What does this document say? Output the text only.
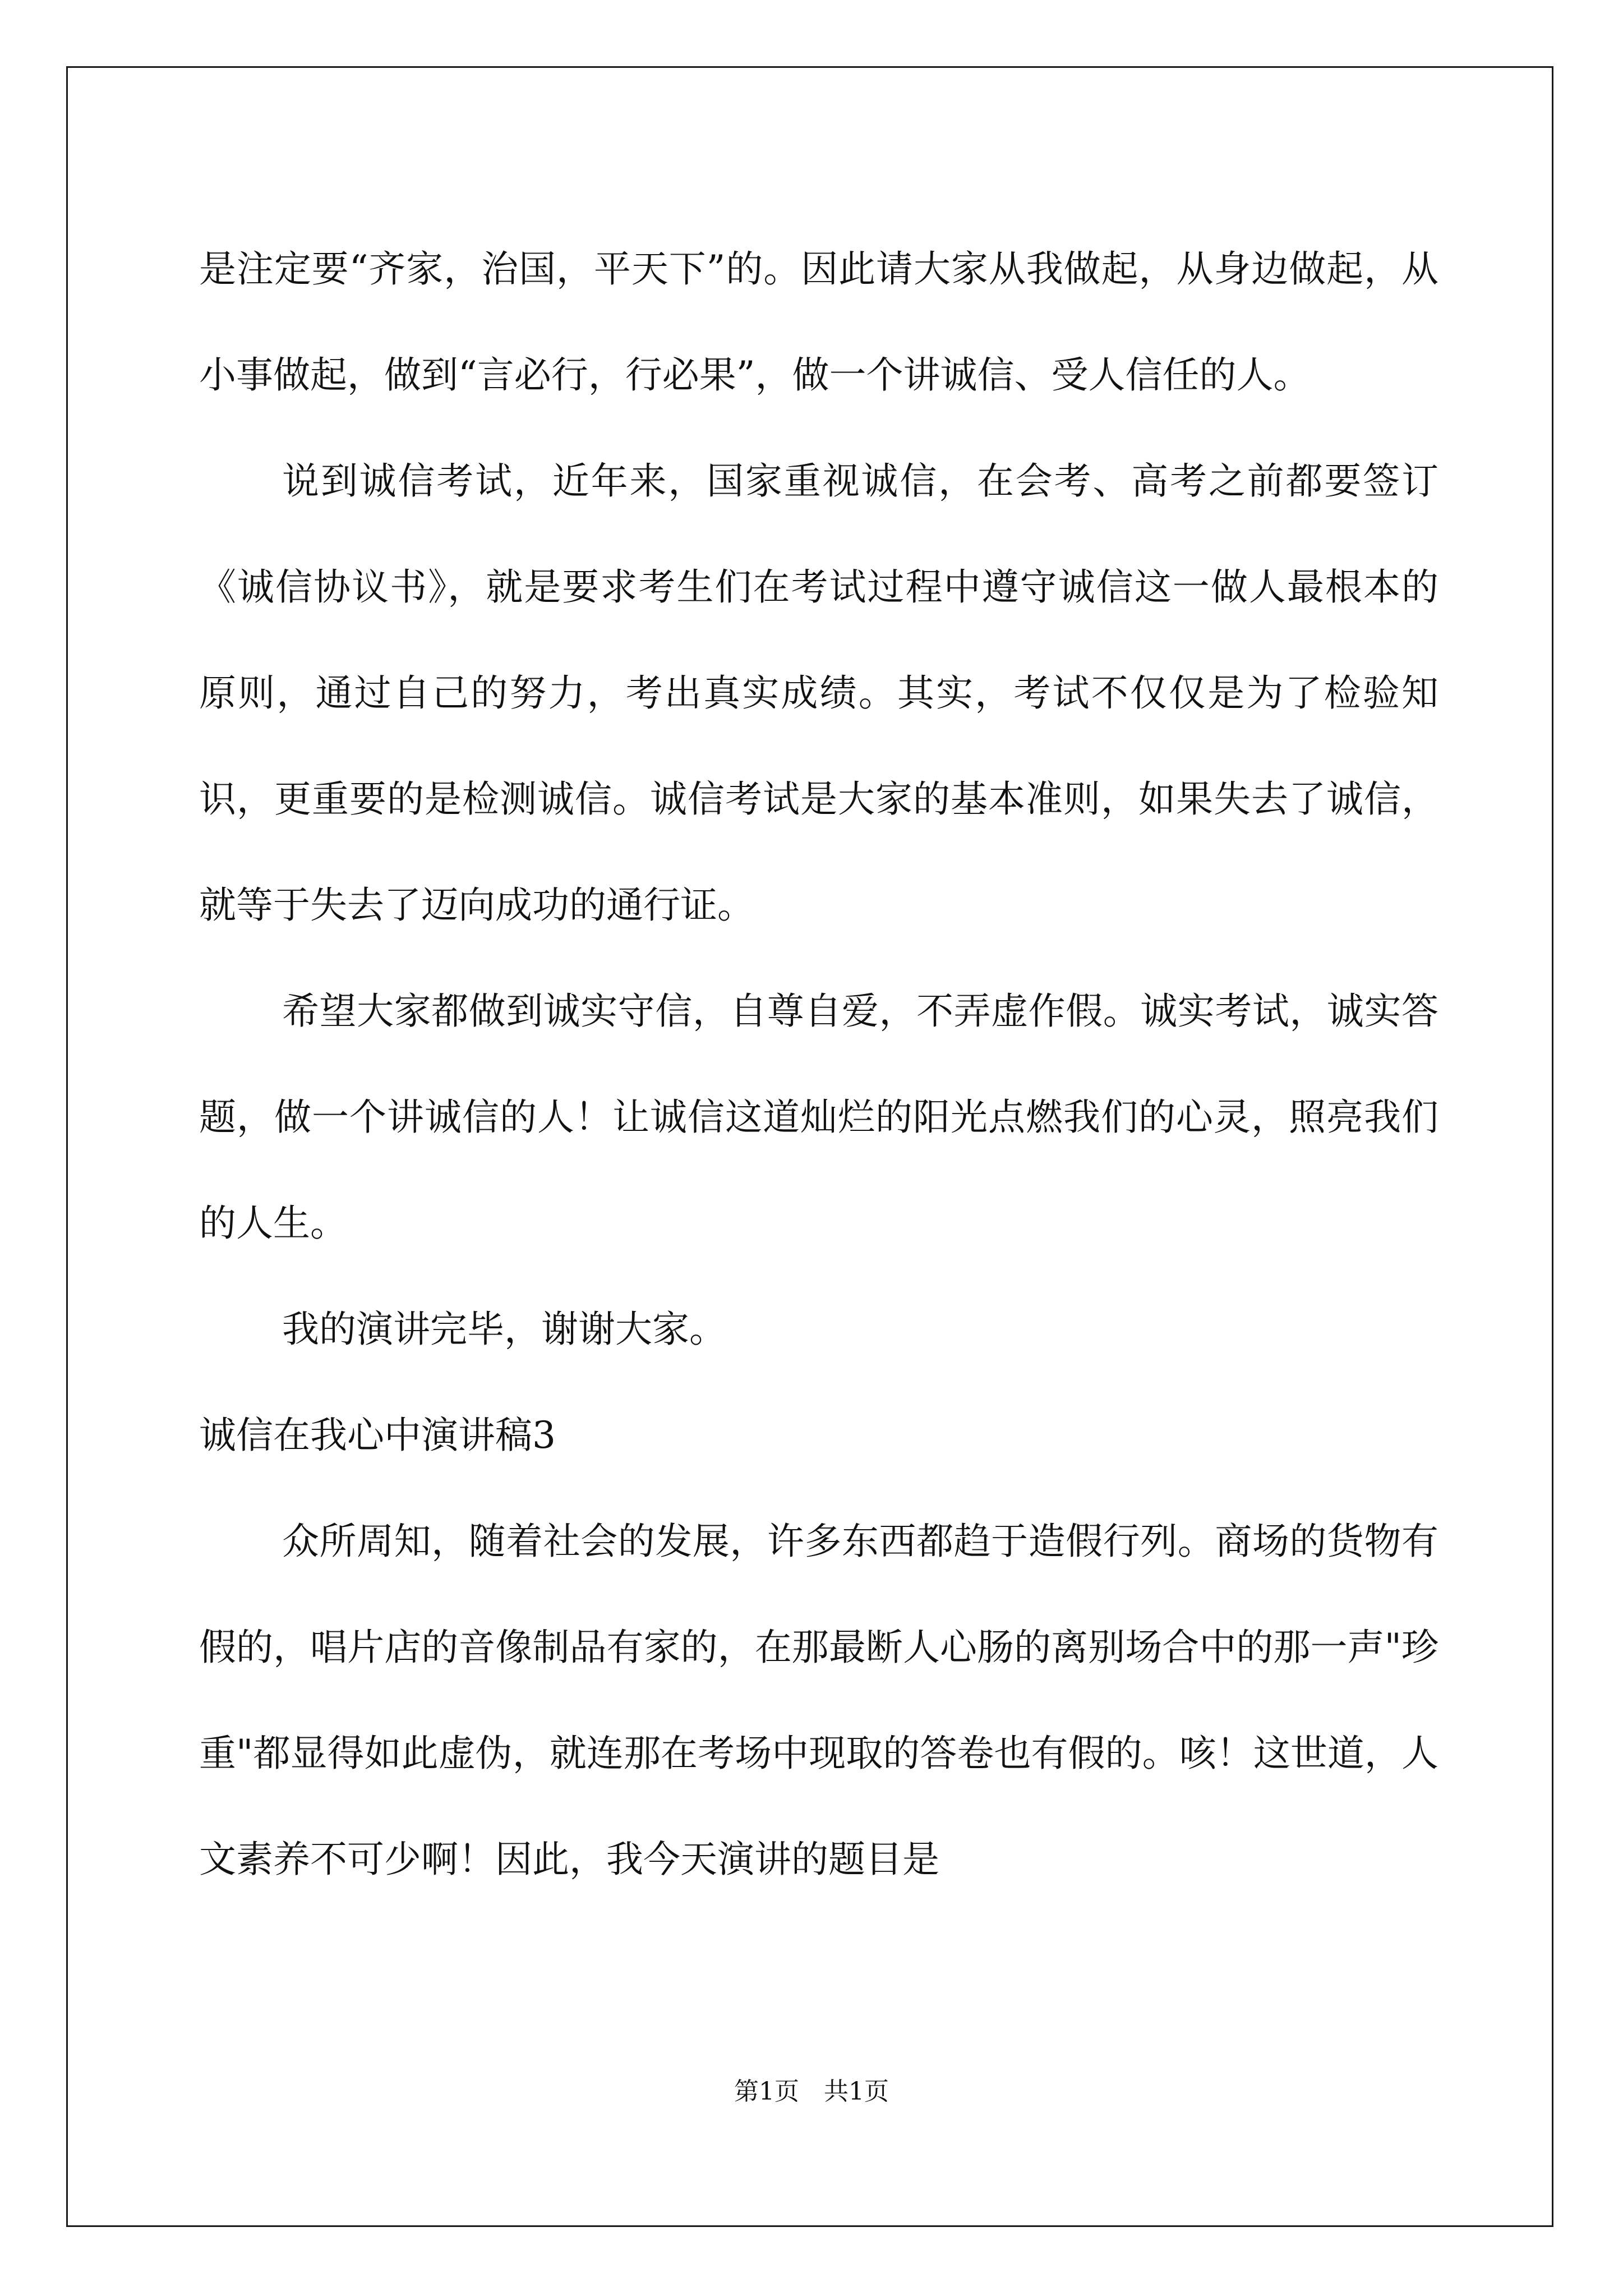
是注定要“齐家，治国，平天下”的。因此请大家从我做起，从身边做起，从小事做起，做到“言必行，行必果”，做一个讲诚信、受人信任的人。

说到诚信考试，近年来，国家重视诚信，在会考、高考之前都要签订《诚信协议书》，就是要求考生们在考试过程中遵守诚信这一做人最根本的原则，通过自己的努力，考出真实成绩。其实，考试不仅仅是为了检验知识，更重要的是检测诚信。诚信考试是大家的基本准则，如果失去了诚信，就等于失去了迈向成功的通行证。

希望大家都做到诚实守信，自尊自爱，不弄虚作假。诚实考试，诚实答题，做一个讲诚信的人！让诚信这道灿烂的阳光点燃我们的心灵，照亮我们的人生。

我的演讲完毕，谢谢大家。

诚信在我心中演讲稿3

众所周知，随着社会的发展，许多东西都趋于造假行列。商场的货物有假的，唱片店的音像制品有家的，在那最断人心肠的离别场合中的那一声"珍重"都显得如此虚伪，就连那在考场中现取的答卷也有假的。咳！这世道，人文素养不可少啊！因此，我今天演讲的题目是

第1页　共1页
